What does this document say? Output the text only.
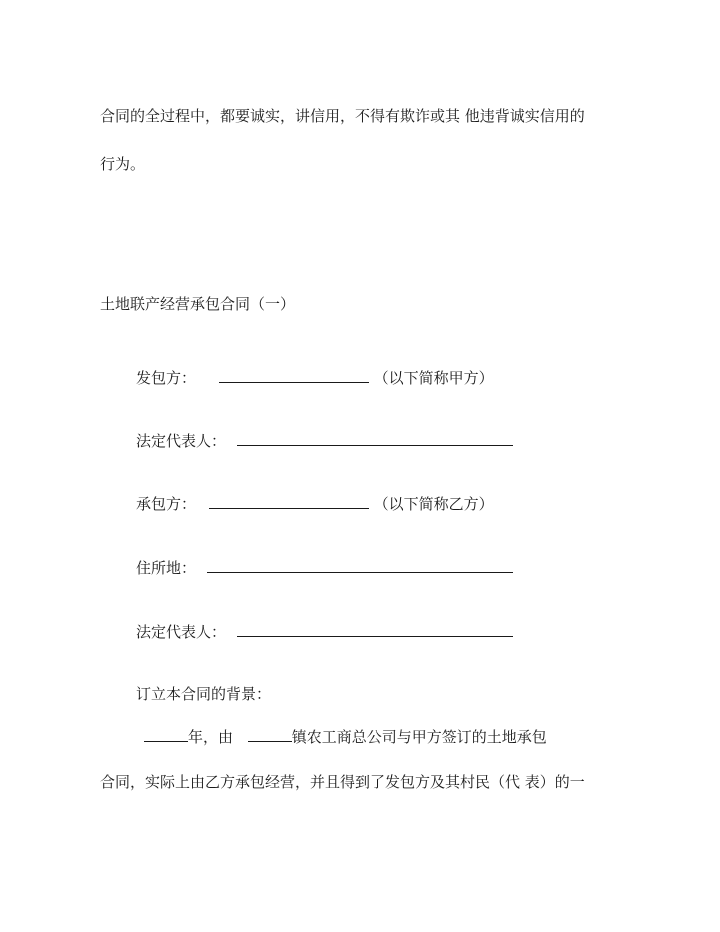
合同的全过程中，都要诚实，讲信用，不得有欺诈或其 他违背诚实信用的
行为。
土地联产经营承包合同（一）
发包方：	（以下简称甲方）
法定代表人：
承包方：	（以下简称乙方）
住所地：
法定代表人：
订立本合同的背景：
年，由	镇农工商总公司与甲方签订的土地承包
合同，实际上由乙方承包经营，并且得到了发包方及其村民（代 表）的一
